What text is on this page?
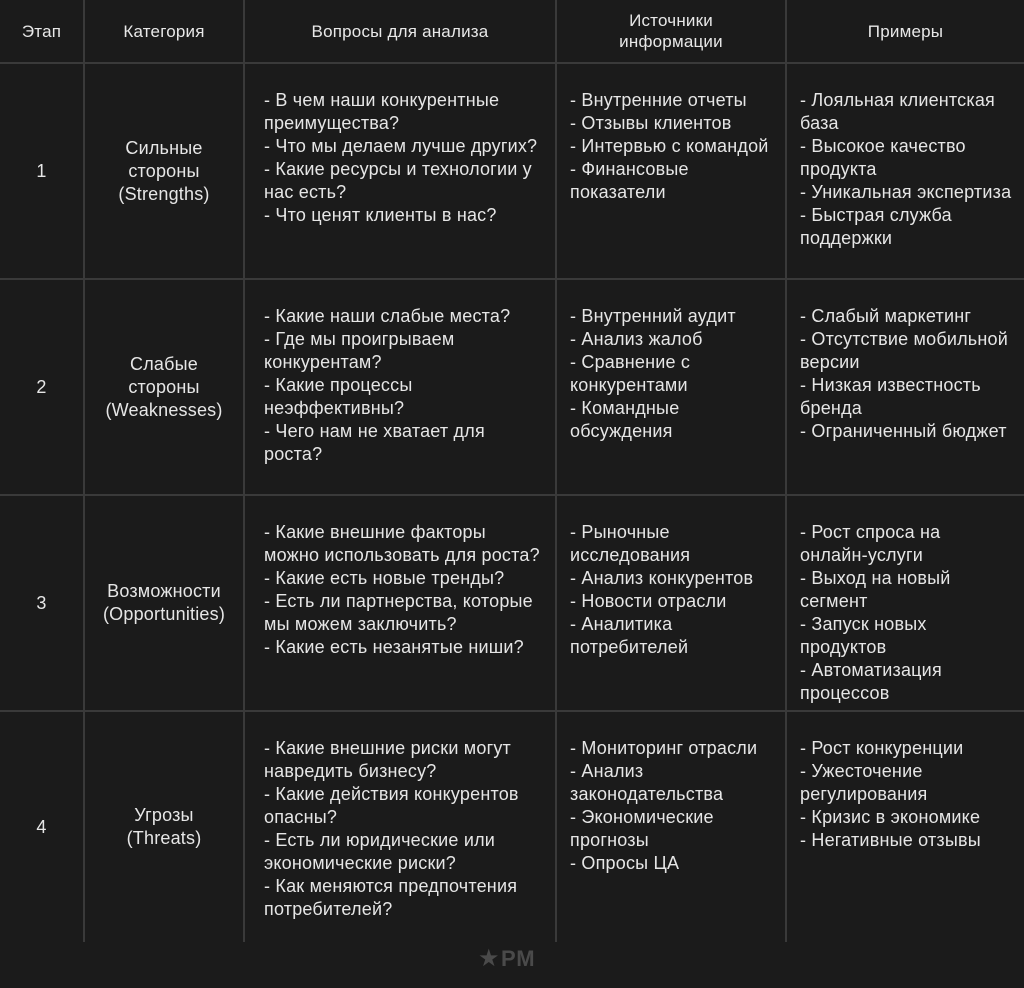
Этап	Категория	Вопросы для анализа
Источники
информации
Примеры
1
Сильные
стороны
(Strengths)
- В чем наши конкурентные преимущества?
- Что мы делаем лучше других?
- Какие ресурсы и технологии у нас есть?
- Что ценят клиенты в нас?
- Внутренние отчеты
- Отзывы клиентов
- Интервью с командой
- Финансовые показатели
- Лояльная клиентская база
- Высокое качество продукта
- Уникальная экспертиза
- Быстрая служба поддержки
2
Слабые
стороны
(Weaknesses)
- Какие наши слабые места?
- Где мы проигрываем конкурентам?
- Какие процессы неэффективны?
- Чего нам не хватает для роста?
- Внутренний аудит
- Анализ жалоб
- Сравнение с конкурентами
- Командные обсуждения
- Слабый маркетинг
- Отсутствие мобильной версии
- Низкая известность бренда
- Ограниченный бюджет
3
Возможности
(Opportunities)
- Какие внешние факторы можно использовать для роста?
- Какие есть новые тренды?
- Есть ли партнерства, которые мы можем заключить?
- Какие есть незанятые ниши?
- Рыночные исследования
- Анализ конкурентов
- Новости отрасли
- Аналитика потребителей
- Рост спроса на онлайн-услуги
- Выход на новый сегмент
- Запуск новых продуктов
- Автоматизация процессов
4
Угрозы
(Threats)
- Какие внешние риски могут навредить бизнесу?
- Какие действия конкурентов опасны?
- Есть ли юридические или экономические риски?
- Как меняются предпочтения потребителей?
- Мониторинг отрасли
- Анализ законодательства
- Экономические прогнозы
- Опросы ЦА
- Рост конкуренции
- Ужесточение регулирования
- Кризис в экономике
- Негативные отзывы
★PM
